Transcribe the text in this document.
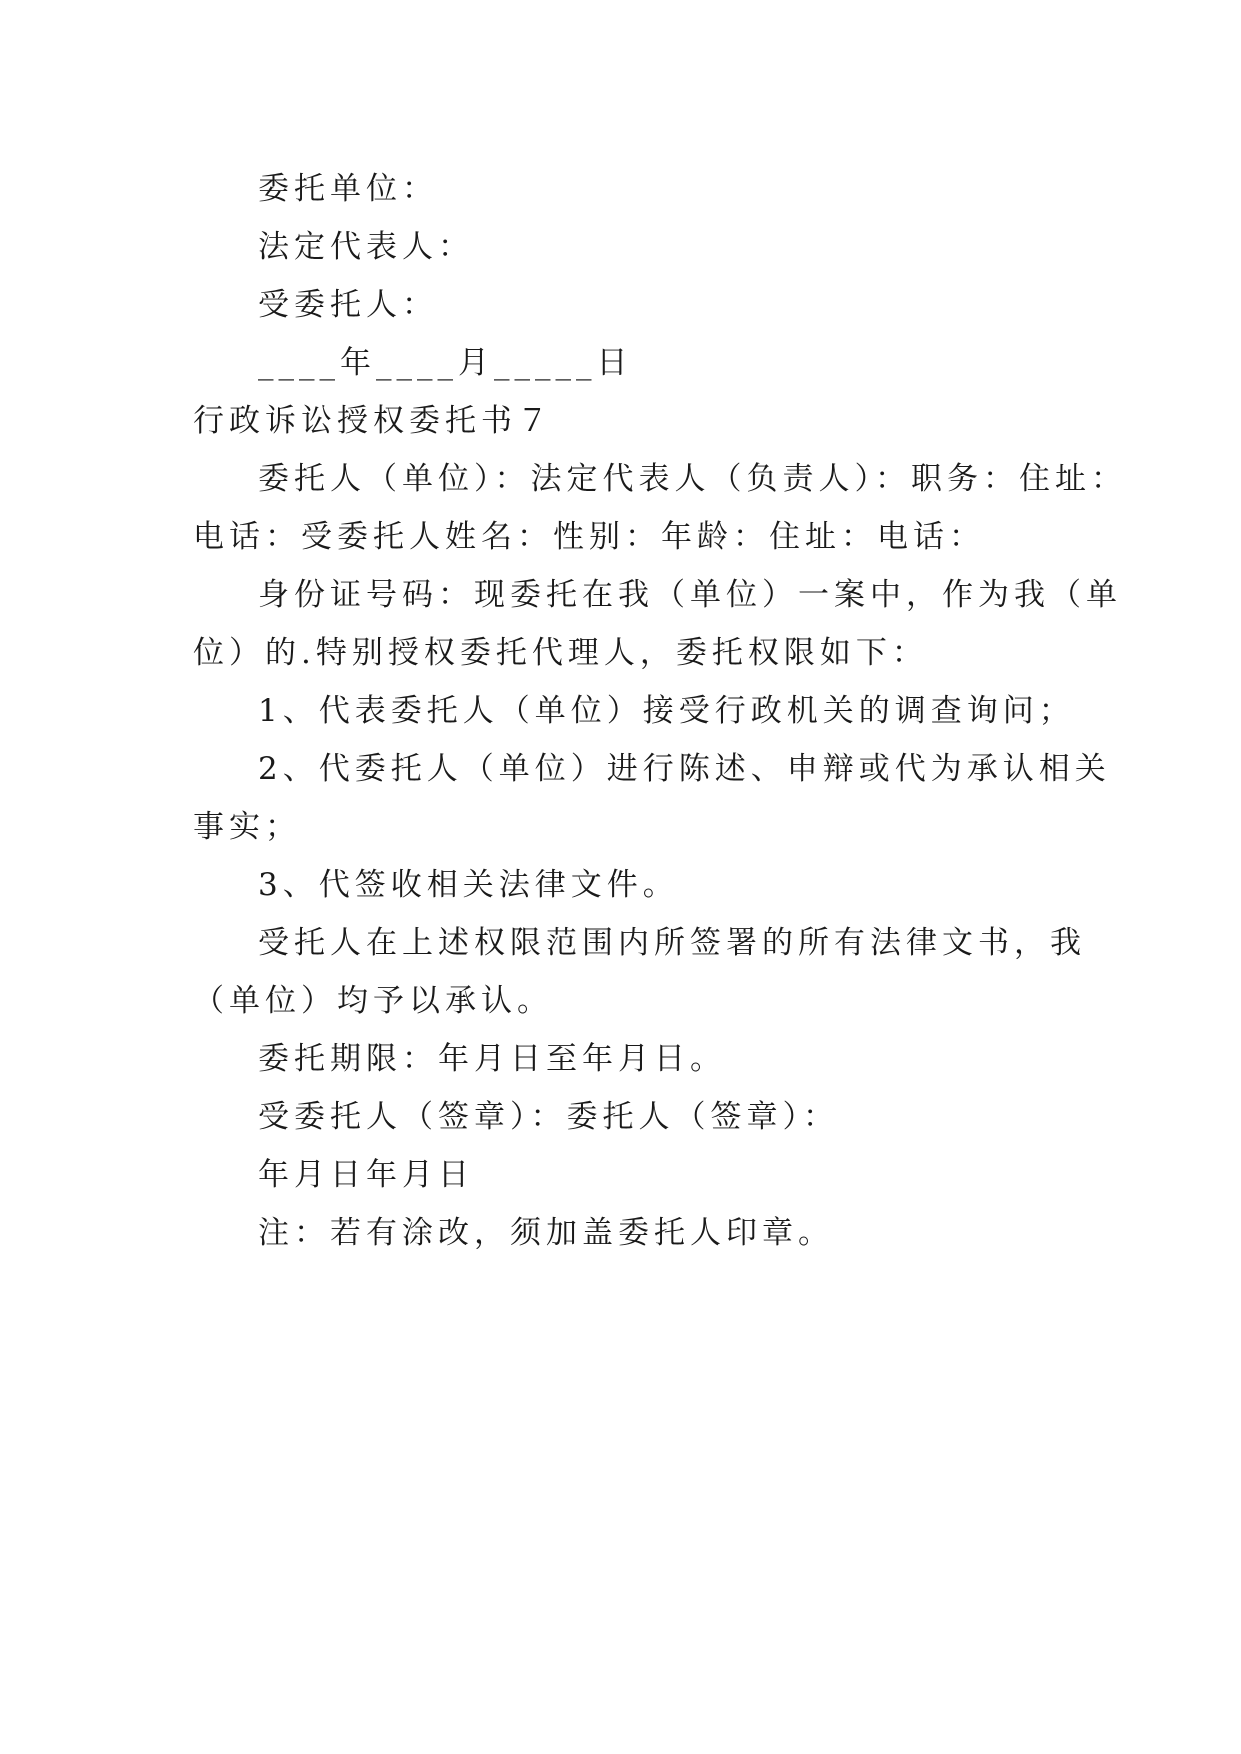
委托单位：
法定代表人：
受委托人：
____年____月_____日
行政诉讼授权委托书７
委托人（单位）：法定代表人（负责人）：职务：住址：
电话：受委托人姓名：性别：年龄：住址：电话：
身份证号码：现委托在我（单位）一案中，作为我（单
位）的.特别授权委托代理人，委托权限如下：
1、代表委托人（单位）接受行政机关的调查询问；
2、代委托人（单位）进行陈述、申辩或代为承认相关
事实；
3、代签收相关法律文件。
受托人在上述权限范围内所签署的所有法律文书，我
（单位）均予以承认。
委托期限：年月日至年月日。
受委托人（签章）：委托人（签章）：
年月日年月日
注：若有涂改，须加盖委托人印章。
